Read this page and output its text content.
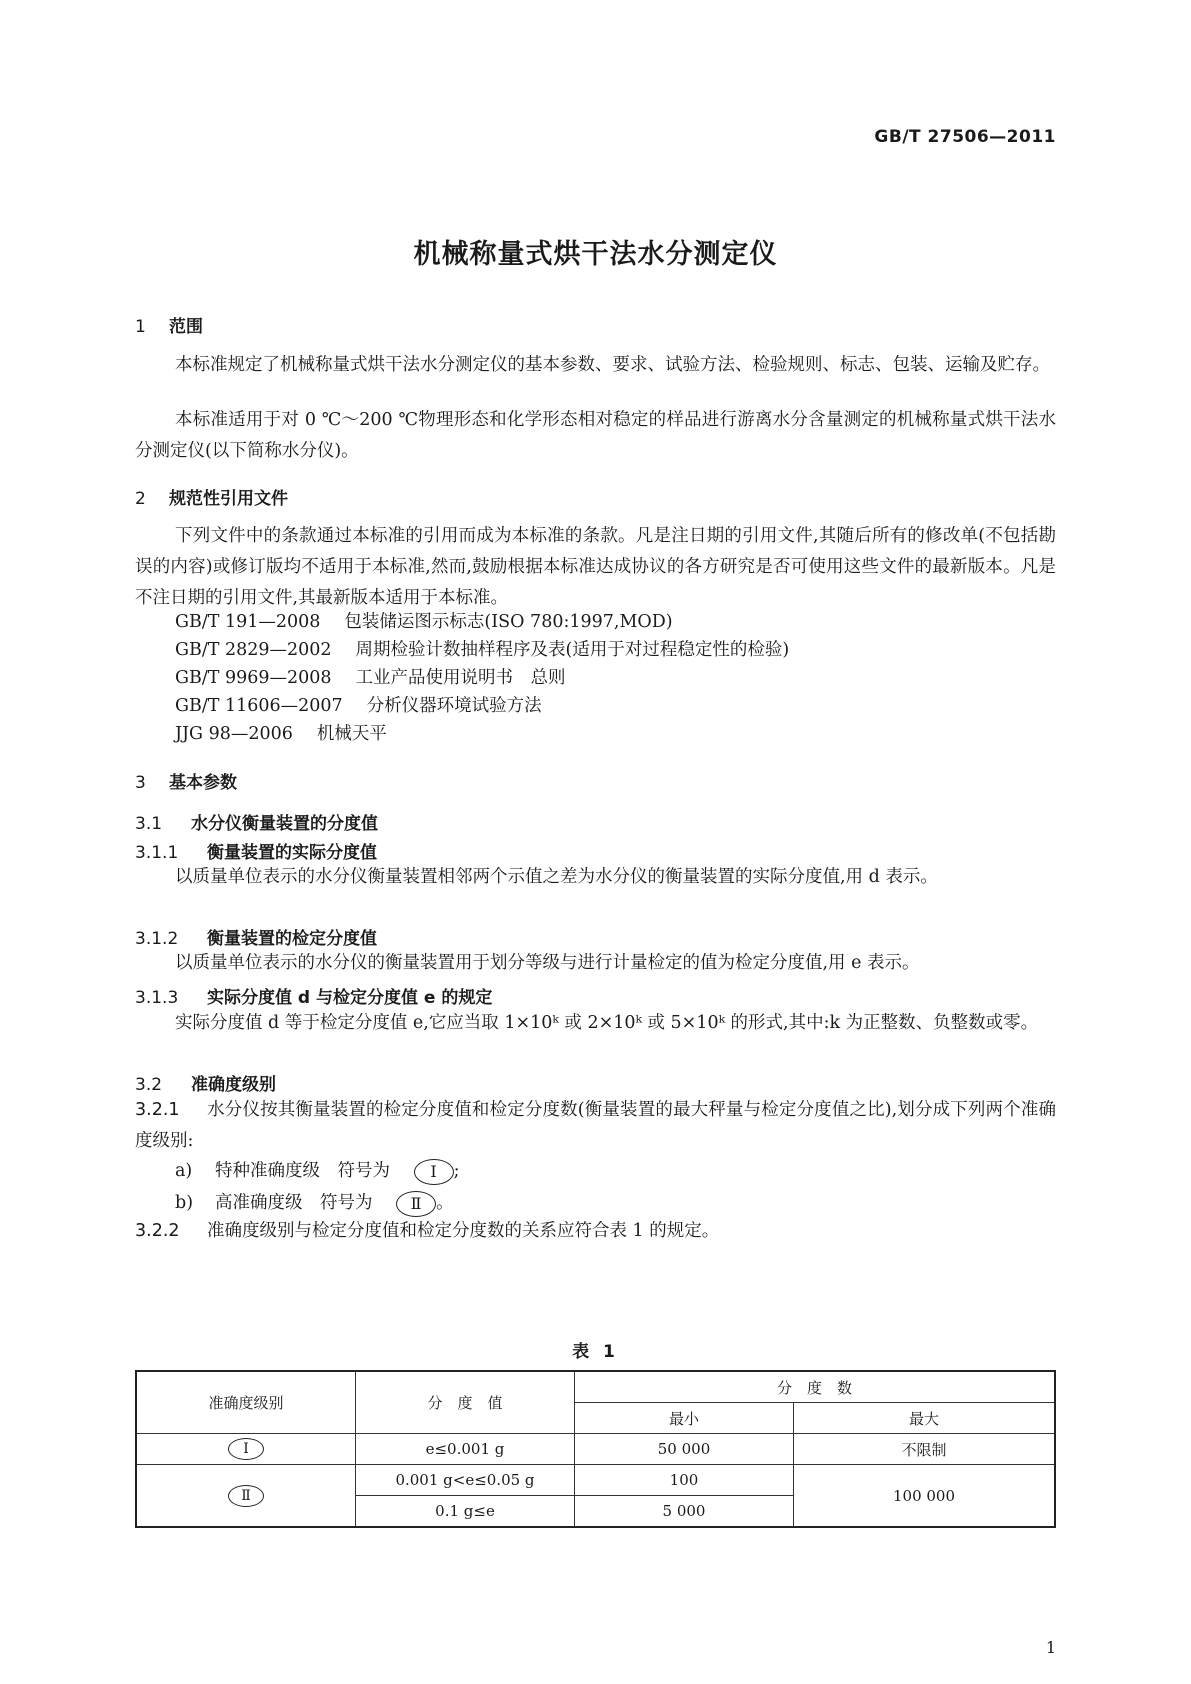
GB/T 27506—2011
机械称量式烘干法水分测定仪
1 范围

本标准规定了机械称量式烘干法水分测定仪的基本参数、要求、试验方法、检验规则、标志、包装、运输及贮存。

本标准适用于对 0 ℃～200 ℃物理形态和化学形态相对稳定的样品进行游离水分含量测定的机械称量式烘干法水分测定仪(以下简称水分仪)。

2 规范性引用文件

下列文件中的条款通过本标准的引用而成为本标准的条款。凡是注日期的引用文件,其随后所有的修改单(不包括勘误的内容)或修订版均不适用于本标准,然而,鼓励根据本标准达成协议的各方研究是否可使用这些文件的最新版本。凡是不注日期的引用文件,其最新版本适用于本标准。

GB/T 191—2008 包装储运图示标志(ISO 780:1997,MOD)
GB/T 2829—2002 周期检验计数抽样程序及表(适用于对过程稳定性的检验)
GB/T 9969—2008 工业产品使用说明书　总则
GB/T 11606—2007 分析仪器环境试验方法
JJG 98—2006 机械天平
3 基本参数
3.1 水分仪衡量装置的分度值
3.1.1 衡量装置的实际分度值

以质量单位表示的水分仪衡量装置相邻两个示值之差为水分仪的衡量装置的实际分度值,用 d 表示。

3.1.2 衡量装置的检定分度值

以质量单位表示的水分仪的衡量装置用于划分等级与进行计量检定的值为检定分度值,用 e 表示。

3.1.3 实际分度值 d 与检定分度值 e 的规定

实际分度值 d 等于检定分度值 e,它应当取 1×10ᵏ 或 2×10ᵏ 或 5×10ᵏ 的形式,其中:k 为正整数、负整数或零。

3.2 准确度级别

3.2.1 水分仪按其衡量装置的检定分度值和检定分度数(衡量装置的最大秤量与检定分度值之比),划分成下列两个准确度级别:

a) 特种准确度级　符号为	Ⅰ ;
b) 高准确度级　符号为 Ⅱ 。

3.2.2 准确度级别与检定分度值和检定分度数的关系应符合表 1 的规定。

表 1
准确度级别	分　度　值	分　度　数	
		最小	最大
Ⅰ	e≤0.001 g	50 000	不限制
Ⅱ	0.001 g<e≤0.05 g	100	100 000
	0.1 g≤e	5 000	
1
